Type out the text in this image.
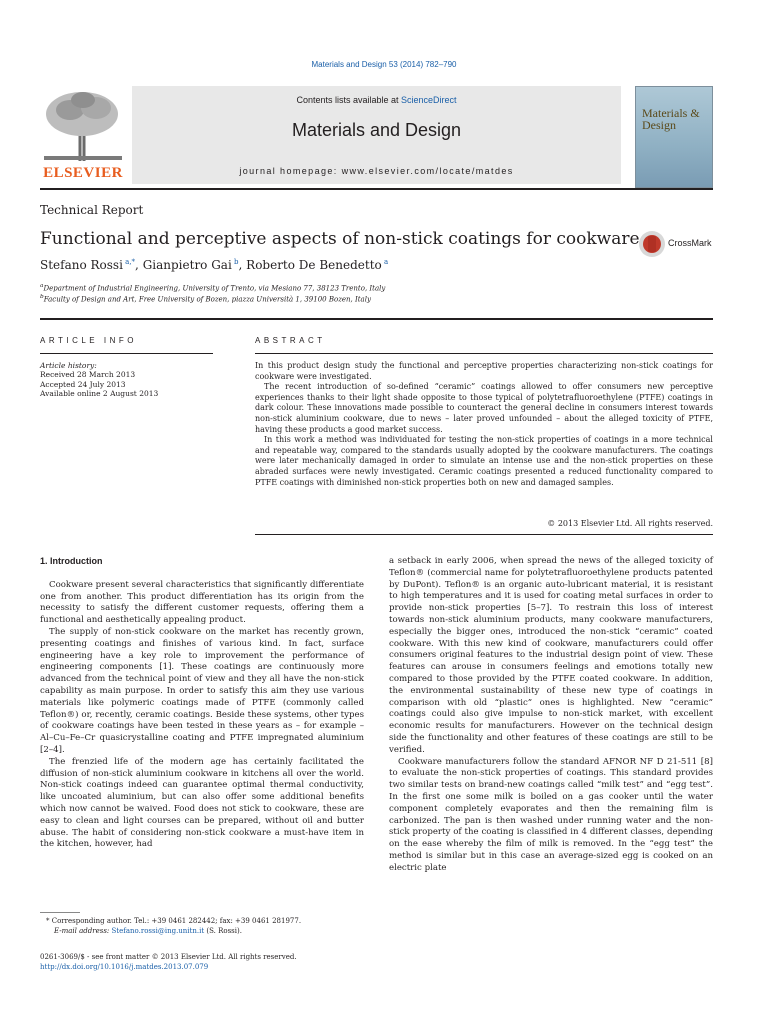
Materials and Design 53 (2014) 782–790
ELSEVIER
Contents lists available at ScienceDirect
Materials and Design
journal homepage: www.elsevier.com/locate/matdes
Materials & Design
Technical Report
Functional and perceptive aspects of non-stick coatings for cookware	CrossMark
Stefano Rossi $^{a,*}$, Gianpietro Gai $^b$, Roberto De Benedetto $^a$
$^a$Department of Industrial Engineering, University of Trento, via Mesiano 77, 38123 Trento, Italy
$^b$Faculty of Design and Art, Free University of Bozen, piazza Università 1, 39100 Bozen, Italy
ARTICLE INFO
Article history:
Received 28 March 2013
Accepted 24 July 2013
Available online 2 August 2013
ABSTRACT

In this product design study the functional and perceptive properties characterizing non-stick coatings for cookware were investigated.

The recent introduction of so-defined “ceramic” coatings allowed to offer consumers new perceptive experiences thanks to their light shade opposite to those typical of polytetrafluoroethylene (PTFE) coatings in dark colour. These innovations made possible to counteract the general decline in consumers interest towards non-stick aluminium cookware, due to news – later proved unfounded – about the alleged toxicity of PTFE, having these products a good market success.

In this work a method was individuated for testing the non-stick properties of coatings in a more technical and repeatable way, compared to the standards usually adopted by the cookware manufacturers. The coatings were later mechanically damaged in order to simulate an intense use and the non-stick properties on these abraded surfaces were newly investigated. Ceramic coatings presented a reduced functionality compared to PTFE coatings with diminished non-stick properties both on new and damaged samples.

© 2013 Elsevier Ltd. All rights reserved.
1. Introduction

Cookware present several characteristics that significantly differentiate one from another. This product differentiation has its origin from the necessity to satisfy the different customer requests, offering them a functional and aesthetically appealing product.

The supply of non-stick cookware on the market has recently grown, presenting coatings and finishes of various kind. In fact, surface engineering have a key role to improvement the performance of engineering components [1]. These coatings are continuously more advanced from the technical point of view and they all have the non-stick capability as main purpose. In order to satisfy this aim they use various materials like polymeric coatings made of PTFE (commonly called Teflon®) or, recently, ceramic coatings. Beside these systems, other types of cookware coatings have been tested in these years as – for example – Al–Cu–Fe–Cr quasicrystalline coating and PTFE impregnated aluminium [2–4].

The frenzied life of the modern age has certainly facilitated the diffusion of non-stick aluminium cookware in kitchens all over the world. Non-stick coatings indeed can guarantee optimal thermal conductivity, like uncoated aluminium, but can also offer some additional benefits which now cannot be waived. Food does not stick to cookware, these are easy to clean and light courses can be prepared, without oil and butter abuse. The habit of considering non-stick cookware a must-have item in the kitchen, however, had

a setback in early 2006, when spread the news of the alleged toxicity of Teflon® (commercial name for polytetrafluoroethylene products patented by DuPont). Teflon® is an organic auto-lubricant material, it is resistant to high temperatures and it is used for coating metal surfaces in order to provide non-stick properties [5–7]. To restrain this loss of interest towards non-stick aluminium products, many cookware manufacturers, especially the bigger ones, introduced the non-stick “ceramic” coated cookware. With this new kind of cookware, manufacturers could offer consumers original features to the industrial design point of view. These features can arouse in consumers feelings and emotions totally new compared to those provided by the PTFE coated cookware. In addition, the environmental sustainability of these new type of coatings in comparison with old “plastic” ones is highlighted. New “ceramic” coatings could also give impulse to non-stick market, with excellent economic results for manufacturers. However on the technical design side the functionality and other features of these coatings are still to be verified.

Cookware manufacturers follow the standard AFNOR NF D 21-511 [8] to evaluate the non-stick properties of coatings. This standard provides two similar tests on brand-new coatings called “milk test” and “egg test”. In the first one some milk is boiled on a gas cooker until the water component completely evaporates and then the remaining film is carbonized. The pan is then washed under running water and the non-stick property of the coating is classified in 4 different classes, depending on the ease whereby the film of milk is removed. In the “egg test” the method is similar but in this case an average-sized egg is cooked on an electric plate

* Corresponding author. Tel.: +39 0461 282442; fax: +39 0461 281977.
E-mail address: Stefano.rossi@ing.unitn.it (S. Rossi).
0261-3069/$ - see front matter © 2013 Elsevier Ltd. All rights reserved.
http://dx.doi.org/10.1016/j.matdes.2013.07.079
